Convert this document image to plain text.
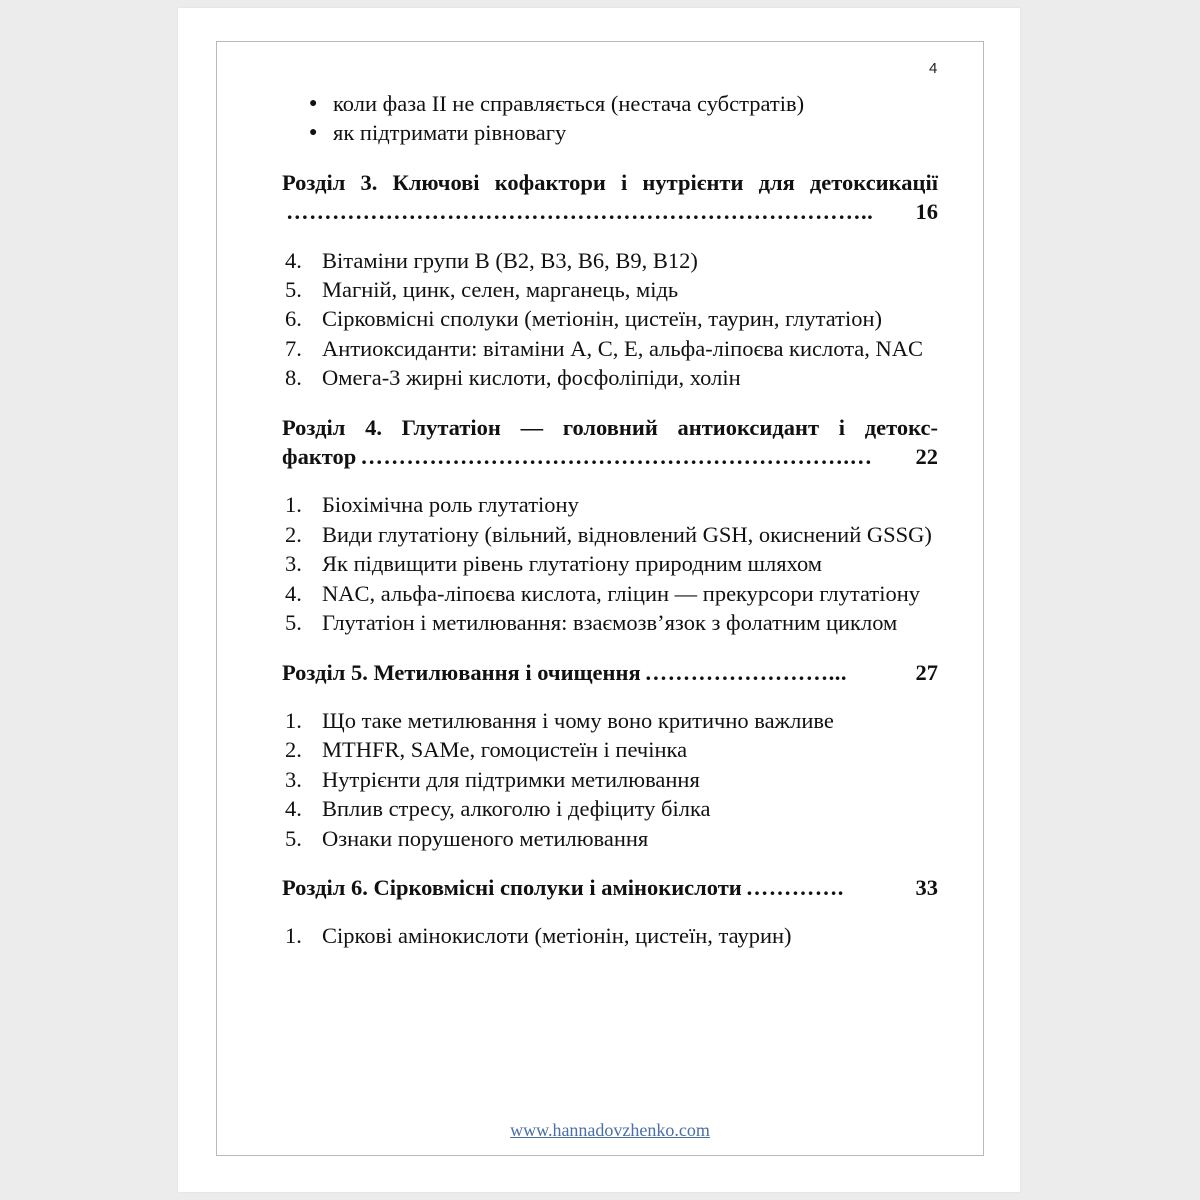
4
● коли фаза II не справляється (нестача субстратів)
● як підтримати рівновагу
Розділ 3. Ключові кофактори і нутрієнти для детоксикації
…………………………………………………………………..	16
4. Вітаміни групи B (B2, B3, B6, B9, B12)
5. Магній, цинк, селен, марганець, мідь
6. Сірковмісні сполуки (метіонін, цистеїн, таурин, глутатіон)
7. Антиоксиданти: вітаміни A, C, E, альфа-ліпоєва кислота, NAC
8. Омега-3 жирні кислоти, фосфоліпіди, холін
Розділ 4. Глутатіон — головний антиоксидант і детокс-
фактор ……………………………………………………….…	22
1. Біохімічна роль глутатіону
2. Види глутатіону (вільний, відновлений GSH, окиснений GSSG)
3. Як підвищити рівень глутатіону природним шляхом
4. NAC, альфа-ліпоєва кислота, гліцин — прекурсори глутатіону
5. Глутатіон і метилювання: взаємозв’язок з фолатним циклом
Розділ 5. Метилювання і очищення ……………………...	27
1. Що таке метилювання і чому воно критично важливе
2. MTHFR, SAMe, гомоцистеїн і печінка
3. Нутрієнти для підтримки метилювання
4. Вплив стресу, алкоголю і дефіциту білка
5. Ознаки порушеного метилювання
Розділ 6. Сірковмісні сполуки і амінокислоти ………….	33
1. Сіркові амінокислоти (метіонін, цистеїн, таурин)
www.hannadovzhenko.com
